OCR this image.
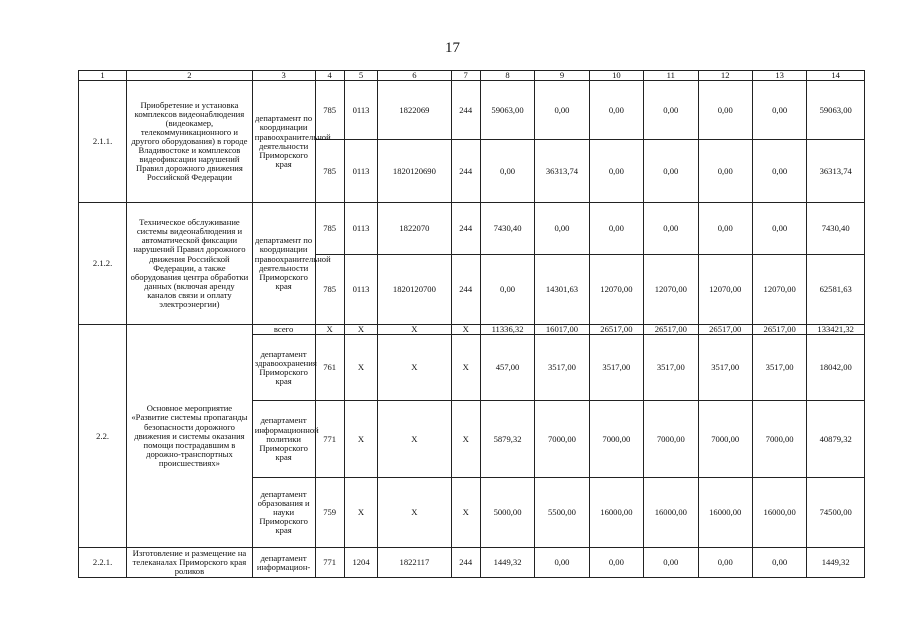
17
1	2	3	4	5	6	7	8	9	10	11	12	13	14
2.1.1.	Приобретение и установка комплексов видеонаблюдения (видеокамер, телекоммуникационного и другого оборудования) в городе Владивостоке и комплексов видеофиксации нарушений Правил дорожного движения Российской Федерации	департамент по координации правоохранительной деятельности Приморского края	785	0113	1822069	244	59063,00	0,00	0,00	0,00	0,00	0,00	59063,00
			785	0113	1820120690	244	0,00	36313,74	0,00	0,00	0,00	0,00	36313,74
2.1.2.	Техническое обслуживание системы видеонаблюдения и автоматической фиксации нарушений Правил дорожного движения Российской Федерации, а также оборудования центра обработки данных (включая аренду каналов связи и оплату электроэнергии)	департамент по координации правоохранительной деятельности Приморского края	785	0113	1822070	244	7430,40	0,00	0,00	0,00	0,00	0,00	7430,40
			785	0113	1820120700	244	0,00	14301,63	12070,00	12070,00	12070,00	12070,00	62581,63
2.2.	Основное мероприятие «Развитие системы пропаганды безопасности дорожного движения и системы оказания помощи пострадавшим в дорожно-транспортных происшествиях»	всего	X	X	X	X	11336,32	16017,00	26517,00	26517,00	26517,00	26517,00	133421,32
		департамент здравоохранения Приморского края	761	X	X	X	457,00	3517,00	3517,00	3517,00	3517,00	3517,00	18042,00
		департамент информационной политики Приморского края	771	X	X	X	5879,32	7000,00	7000,00	7000,00	7000,00	7000,00	40879,32
		департамент образования и науки Приморского края	759	X	X	X	5000,00	5500,00	16000,00	16000,00	16000,00	16000,00	74500,00
2.2.1.	Изготовление и размещение на телеканалах Приморского края роликов	департамент информацион-	771	1204	1822117	244	1449,32	0,00	0,00	0,00	0,00	0,00	1449,32
